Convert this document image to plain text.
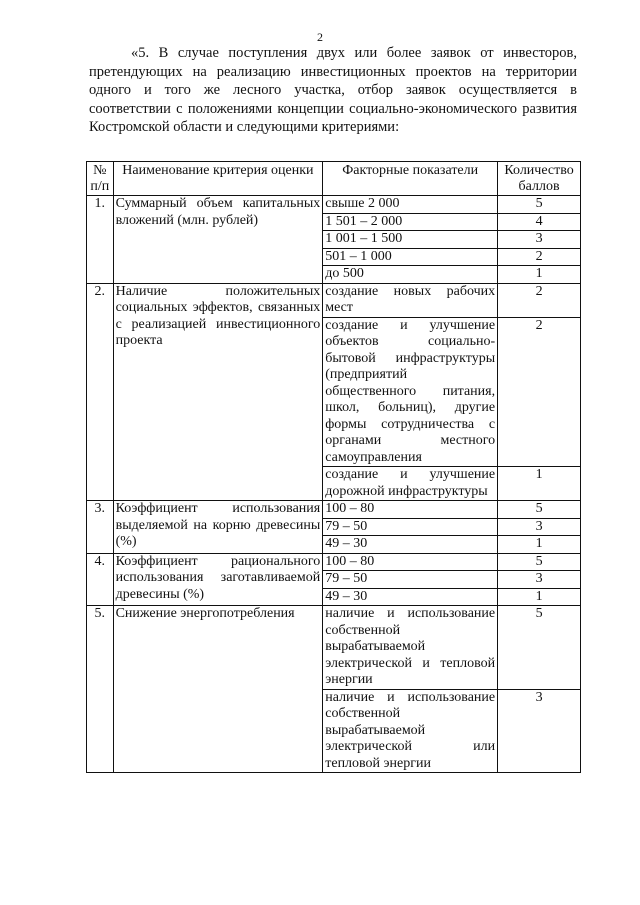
2

«5. В случае поступления двух или более заявок от инвесторов, претендующих на реализацию инвестиционных проектов на территории одного и того же лесного участка, отбор заявок осуществляется в соответствии с положениями концепции социально-экономического развития Костромской области и следующими критериями:

№ п/п	Наименование критерия оценки	Факторные показатели	Количество баллов
1.	Суммарный объем капитальных вложений (млн. рублей)	свыше 2 000	5
		1 501 – 2 000	4
		1 001 – 1 500	3
		501 – 1 000	2
		до 500	1
2.	Наличие положительных социальных эффектов, связанных с реализацией инвестиционного проекта	создание новых рабочих мест	2
		создание и улучшение объектов социально-бытовой инфраструктуры (предприятий общественного питания, школ, больниц), другие формы сотрудничества с органами местного самоуправления	2
		создание и улучшение дорожной инфраструктуры	1
3.	Коэффициент использования выделяемой на корню древесины (%)	100 – 80	5
		79 – 50	3
		49 – 30	1
4.	Коэффициент рационального использования заготавливаемой древесины (%)	100 – 80	5
		79 – 50	3
		49 – 30	1
5.	Снижение энергопотребления	наличие и использование собственной вырабатываемой электрической и тепловой энергии	5
		наличие и использование собственной вырабатываемой электрической или тепловой энергии	3
